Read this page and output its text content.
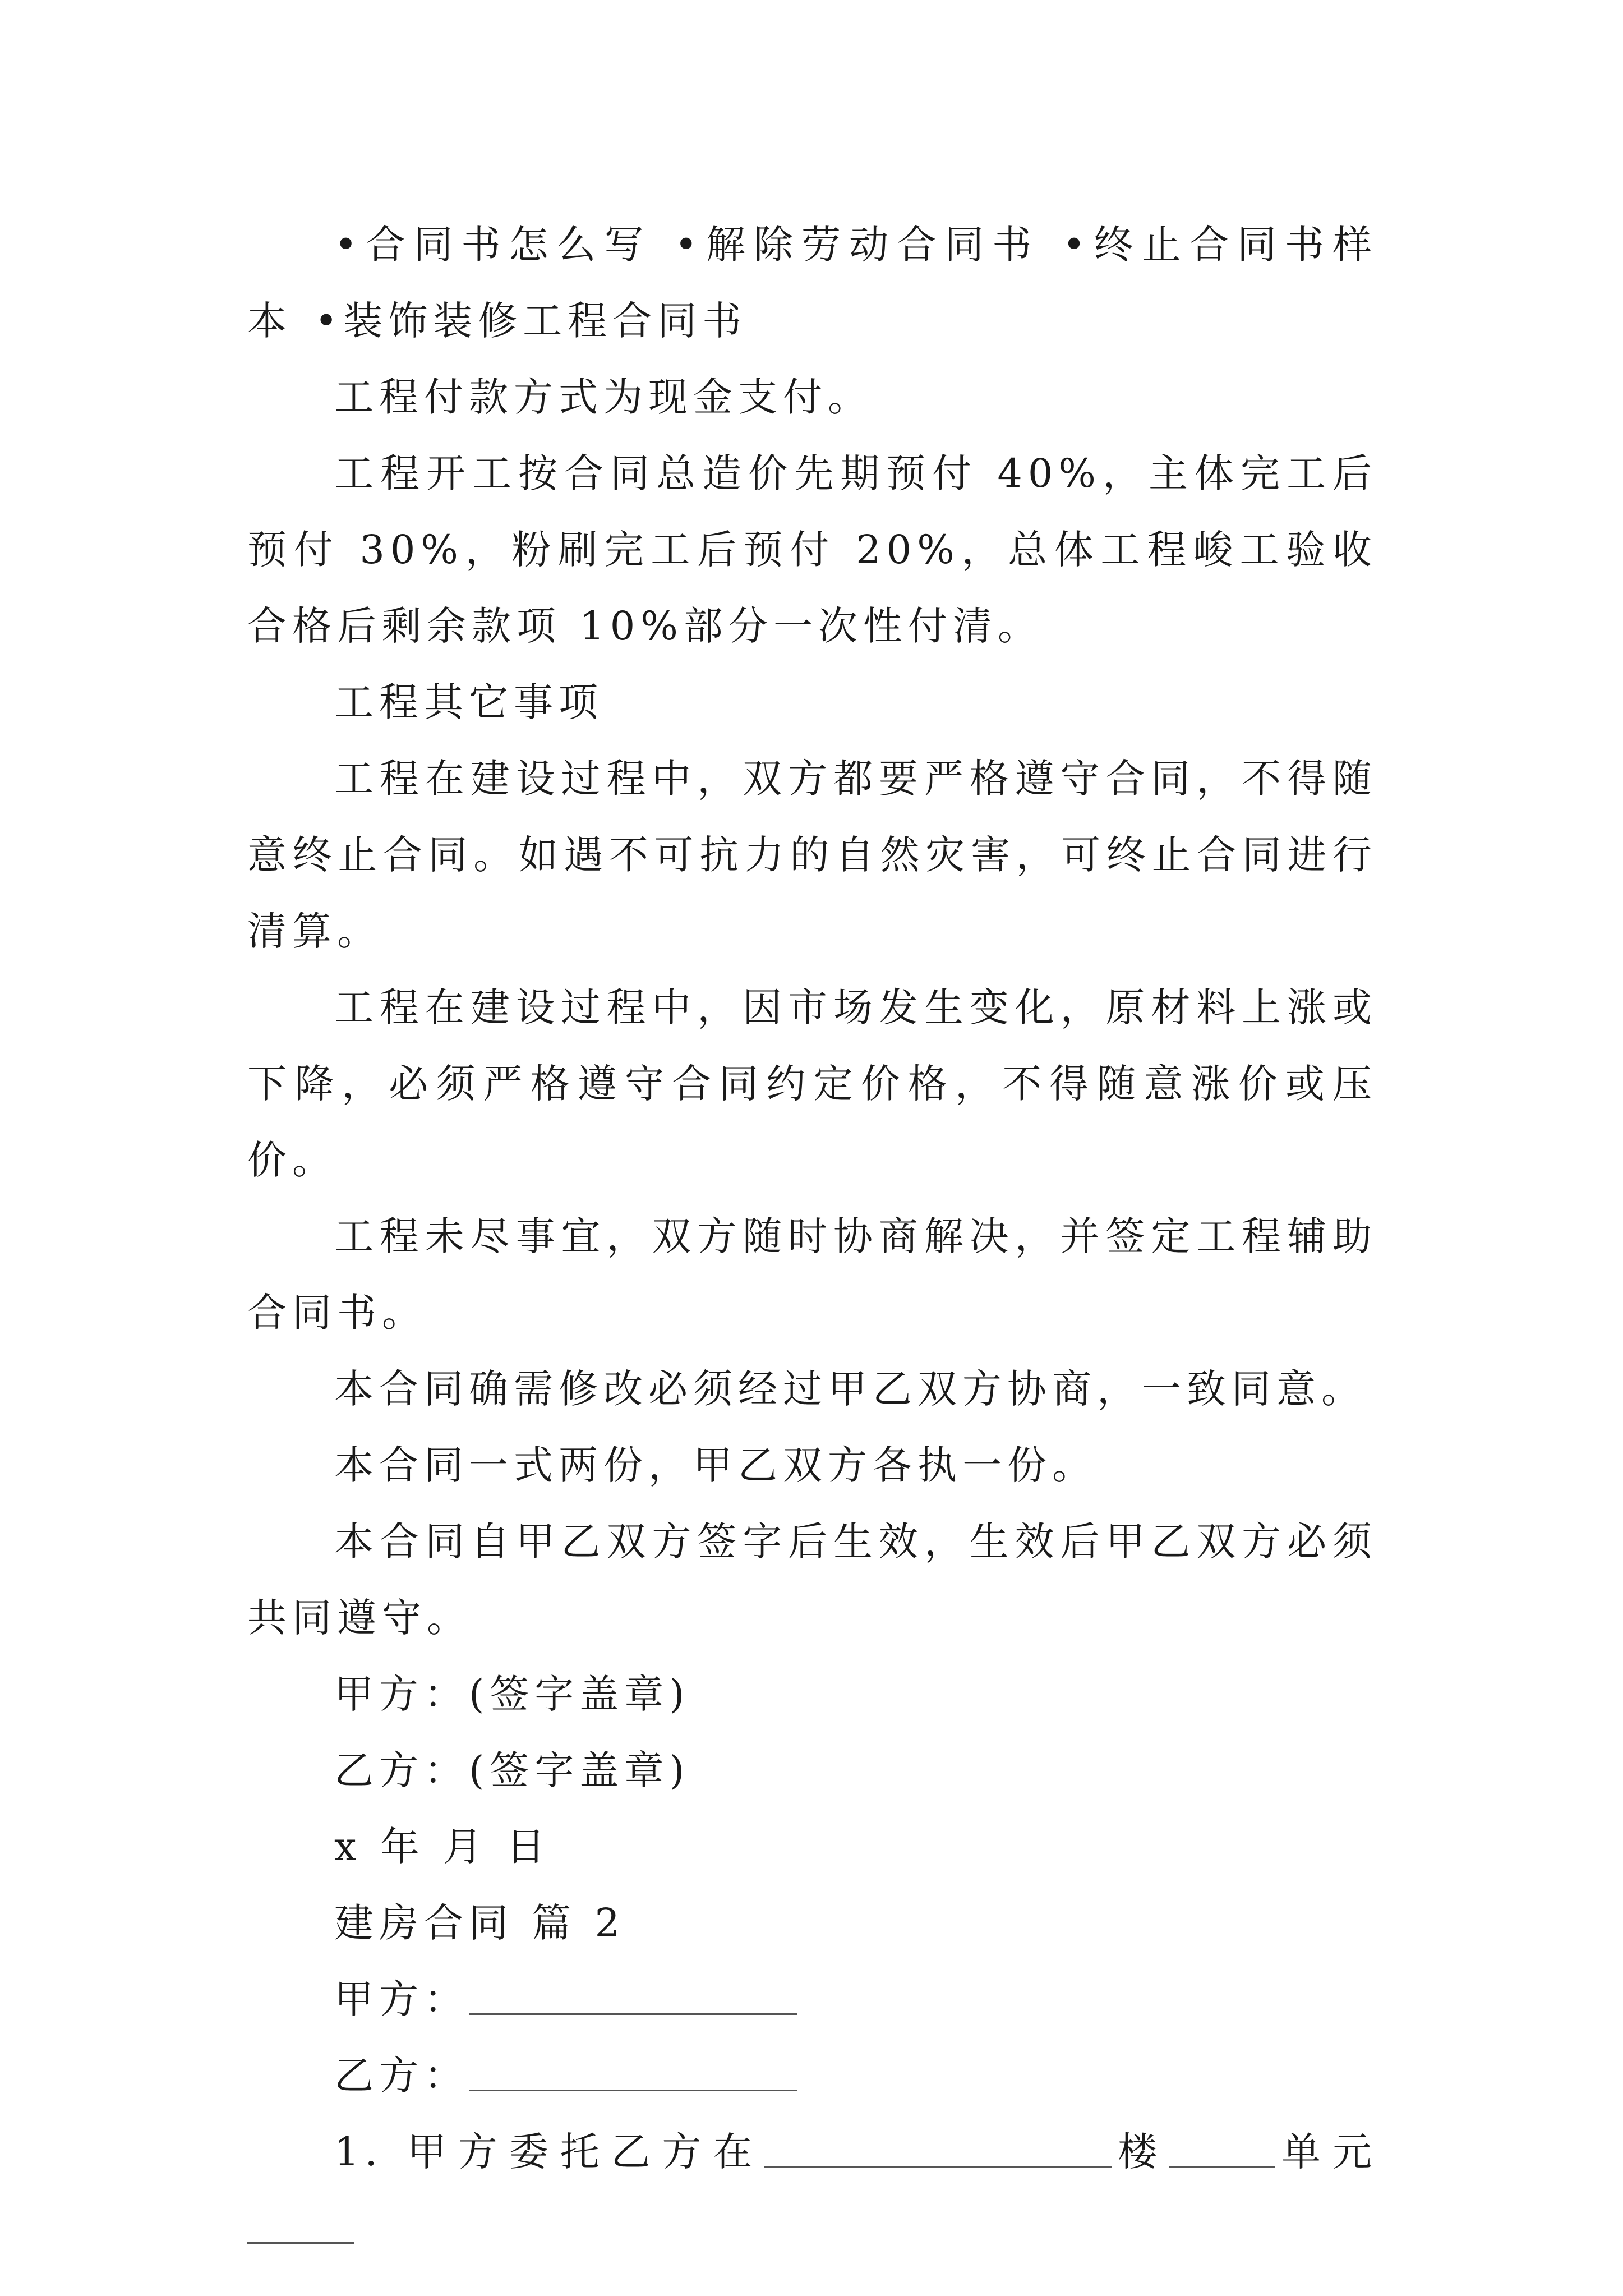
•合同书怎么写 •解除劳动合同书 •终止合同书样本 •装饰装修工程合同书

工程付款方式为现金支付。

工程开工按合同总造价先期预付 40%，主体完工后预付 30%，粉刷完工后预付 20%，总体工程峻工验收合格后剩余款项 10%部分一次性付清。

工程其它事项

工程在建设过程中，双方都要严格遵守合同，不得随意终止合同。如遇不可抗力的自然灾害，可终止合同进行清算。

工程在建设过程中，因市场发生变化，原材料上涨或下降，必须严格遵守合同约定价格，不得随意涨价或压价。

工程未尽事宜，双方随时协商解决，并签定工程辅助合同书。

本合同确需修改必须经过甲乙双方协商，一致同意。

本合同一式两份，甲乙双方各执一份。

本合同自甲乙双方签字后生效，生效后甲乙双方必须共同遵守。

甲方：(签字盖章)

乙方：(签字盖章)

x 年 月 日

建房合同 篇 2

甲方：

乙方：

1. 甲方委托乙方在	楼	单元
